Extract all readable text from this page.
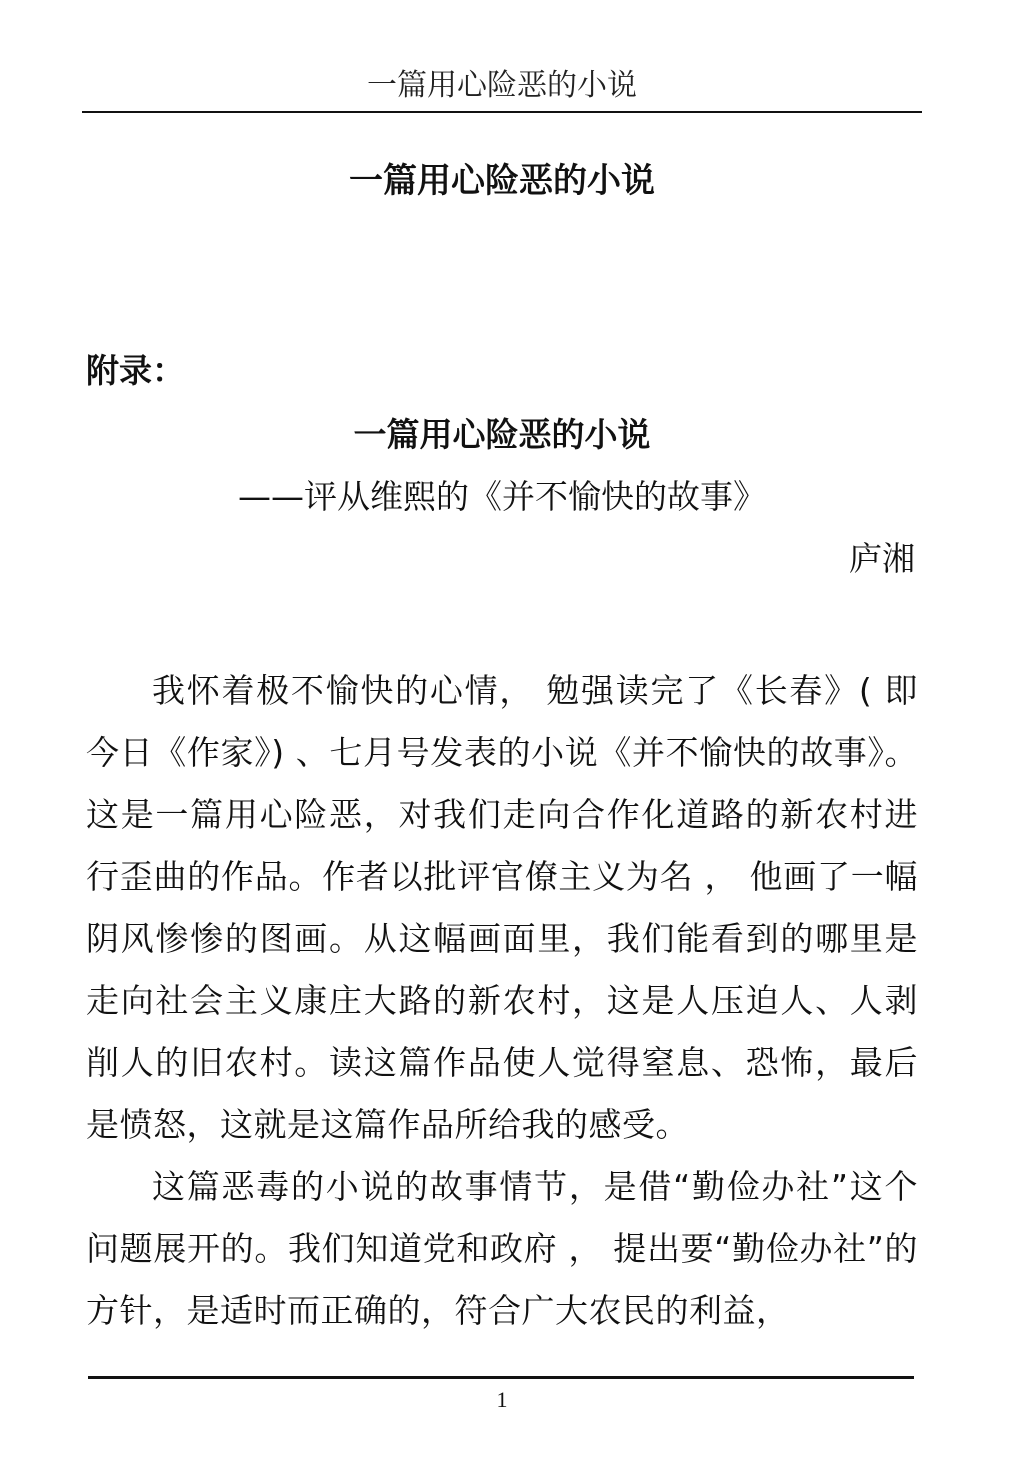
一篇用心险恶的小说
一篇用心险恶的小说
附录：
一篇用心险恶的小说
——评从维熙的《并不愉快的故事》
庐湘

我怀着极不愉快的心情， 勉强读完了《长春》( 即今日《作家》) 、七月号发表的小说《并不愉快的故事》。这是一篇用心险恶，对我们走向合作化道路的新农村进行歪曲的作品。作者以批评官僚主义为名 ， 他画了一幅阴风惨惨的图画。从这幅画面里，我们能看到的哪里是走向社会主义康庄大路的新农村，这是人压迫人、人剥削人的旧农村。读这篇作品使人觉得窒息、恐怖，最后是愤怒，这就是这篇作品所给我的感受。

这篇恶毒的小说的故事情节，是借“勤俭办社”这个问题展开的。我们知道党和政府 ， 提出要“勤俭办社”的方针，是适时而正确的，符合广大农民的利益，

1
